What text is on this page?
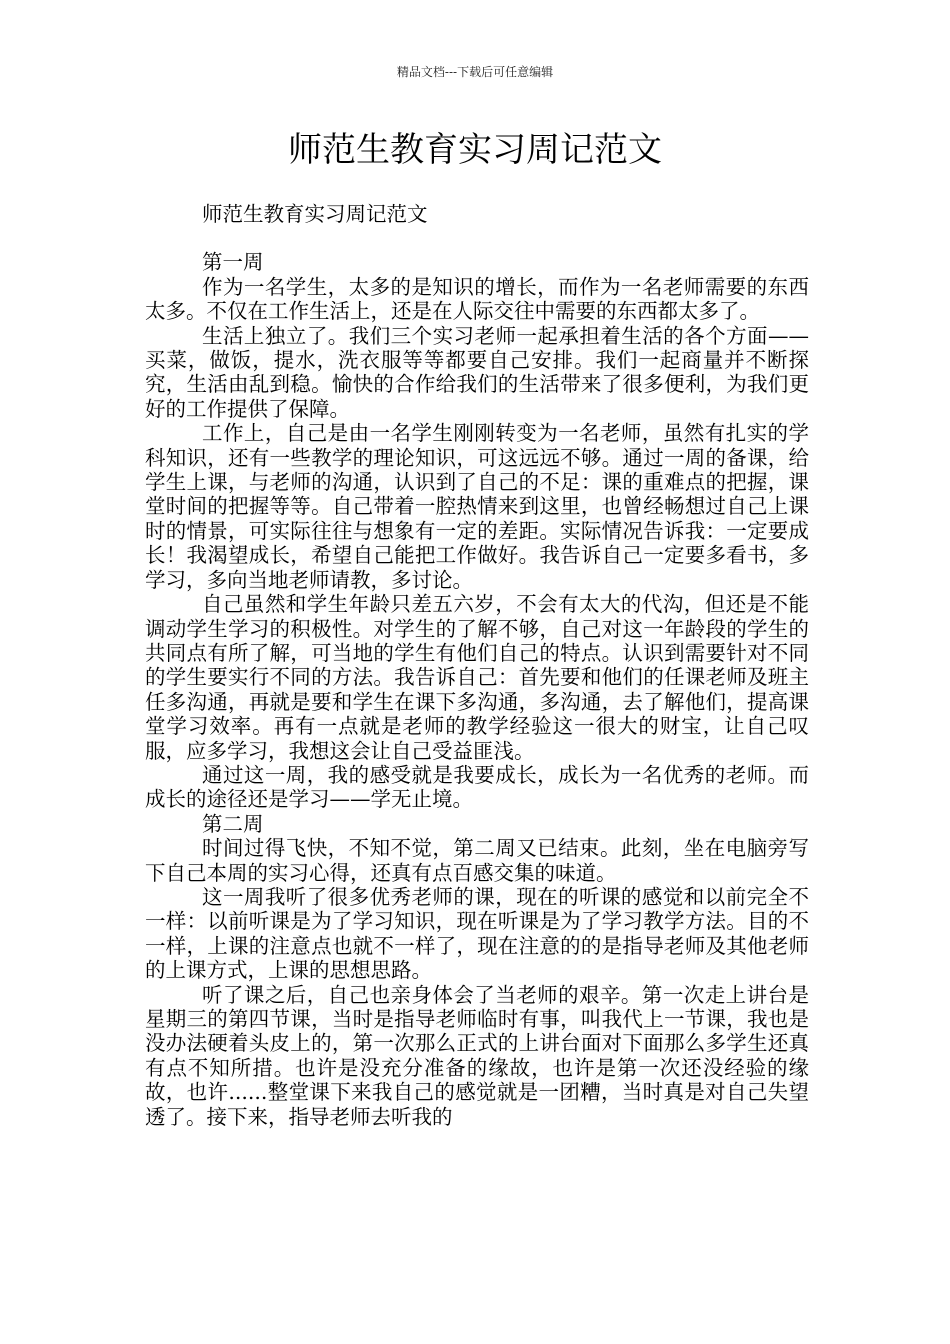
精品文档---下载后可任意编辑
师范生教育实习周记范文
师范生教育实习周记范文

第一周

作为一名学生，太多的是知识的增长，而作为一名老师需要的东西太多。不仅在工作生活上，还是在人际交往中需要的东西都太多了。

生活上独立了。我们三个实习老师一起承担着生活的各个方面——买菜，做饭，提水，洗衣服等等都要自己安排。我们一起商量并不断探究，生活由乱到稳。愉快的合作给我们的生活带来了很多便利，为我们更好的工作提供了保障。

工作上，自己是由一名学生刚刚转变为一名老师，虽然有扎实的学科知识，还有一些教学的理论知识，可这远远不够。通过一周的备课，给学生上课，与老师的沟通，认识到了自己的不足：课的重难点的把握，课堂时间的把握等等。自己带着一腔热情来到这里，也曾经畅想过自己上课时的情景，可实际往往与想象有一定的差距。实际情况告诉我：一定要成长！我渴望成长，希望自己能把工作做好。我告诉自己一定要多看书，多学习，多向当地老师请教，多讨论。

自己虽然和学生年龄只差五六岁，不会有太大的代沟，但还是不能调动学生学习的积极性。对学生的了解不够，自己对这一年龄段的学生的共同点有所了解，可当地的学生有他们自己的特点。认识到需要针对不同的学生要实行不同的方法。我告诉自己：首先要和他们的任课老师及班主任多沟通，再就是要和学生在课下多沟通，多沟通，去了解他们，提高课堂学习效率。再有一点就是老师的教学经验这一很大的财宝，让自己叹服，应多学习，我想这会让自己受益匪浅。

通过这一周，我的感受就是我要成长，成长为一名优秀的老师。而成长的途径还是学习——学无止境。

第二周

时间过得飞快，不知不觉，第二周又已结束。此刻，坐在电脑旁写下自己本周的实习心得，还真有点百感交集的味道。

这一周我听了很多优秀老师的课，现在的听课的感觉和以前完全不一样：以前听课是为了学习知识，现在听课是为了学习教学方法。目的不一样，上课的注意点也就不一样了，现在注意的的是指导老师及其他老师的上课方式，上课的思想思路。

听了课之后，自己也亲身体会了当老师的艰辛。第一次走上讲台是星期三的第四节课，当时是指导老师临时有事，叫我代上一节课，我也是没办法硬着头皮上的，第一次那么正式的上讲台面对下面那么多学生还真有点不知所措。也许是没充分准备的缘故，也许是第一次还没经验的缘故，也许......整堂课下来我自己的感觉就是一团糟，当时真是对自己失望透了。接下来，指导老师去听我的
